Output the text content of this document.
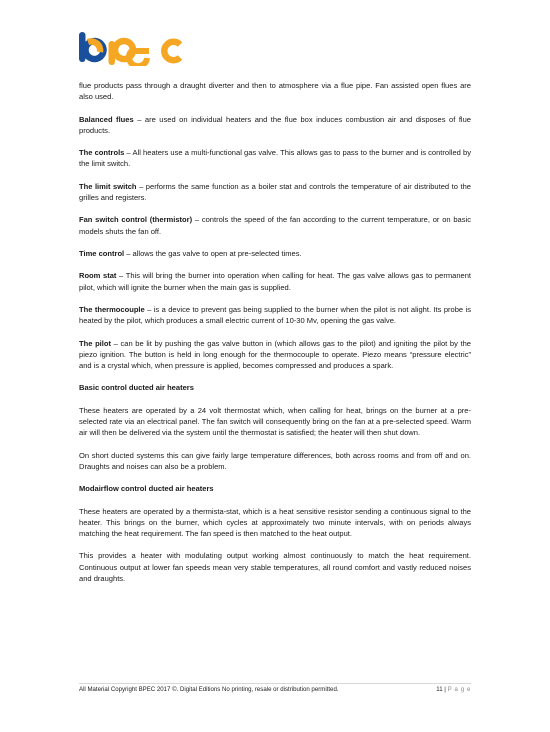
flue products pass through a draught diverter and then to atmosphere via a flue pipe. Fan assisted open flues are also used.

Balanced flues – are used on individual heaters and the flue box induces combustion air and disposes of flue products.

The controls – All heaters use a multi-functional gas valve. This allows gas to pass to the burner and is controlled by the limit switch.

The limit switch – performs the same function as a boiler stat and controls the temperature of air distributed to the grilles and registers.

Fan switch control (thermistor) – controls the speed of the fan according to the current temperature, or on basic models shuts the fan off.

Time control – allows the gas valve to open at pre-selected times.

Room stat – This will bring the burner into operation when calling for heat. The gas valve allows gas to permanent pilot, which will ignite the burner when the main gas is supplied.

The thermocouple – is a device to prevent gas being supplied to the burner when the pilot is not alight. Its probe is heated by the pilot, which produces a small electric current of 10-30 Mv, opening the gas valve.

The pilot – can be lit by pushing the gas valve button in (which allows gas to the pilot) and igniting the pilot by the piezo ignition. The button is held in long enough for the thermocouple to operate. Piezo means “pressure electric” and is a crystal which, when pressure is applied, becomes compressed and produces a spark.

Basic control ducted air heaters

These heaters are operated by a 24 volt thermostat which, when calling for heat, brings on the burner at a pre-selected rate via an electrical panel. The fan switch will consequently bring on the fan at a pre-selected speed. Warm air will then be delivered via the system until the thermostat is satisfied; the heater will then shut down.

On short ducted systems this can give fairly large temperature differences, both across rooms and from off and on. Draughts and noises can also be a problem.

Modairflow control ducted air heaters

These heaters are operated by a thermista-stat, which is a heat sensitive resistor sending a continuous signal to the heater. This brings on the burner, which cycles at approximately two minute intervals, with on periods always matching the heat requirement. The fan speed is then matched to the heat output.

This provides a heater with modulating output working almost continuously to match the heat requirement. Continuous output at lower fan speeds mean very stable temperatures, all round comfort and vastly reduced noises and draughts.

All Material Copyright BPEC 2017 ©. Digital Editions No printing, resale or distribution permitted.	11 | P a g e
